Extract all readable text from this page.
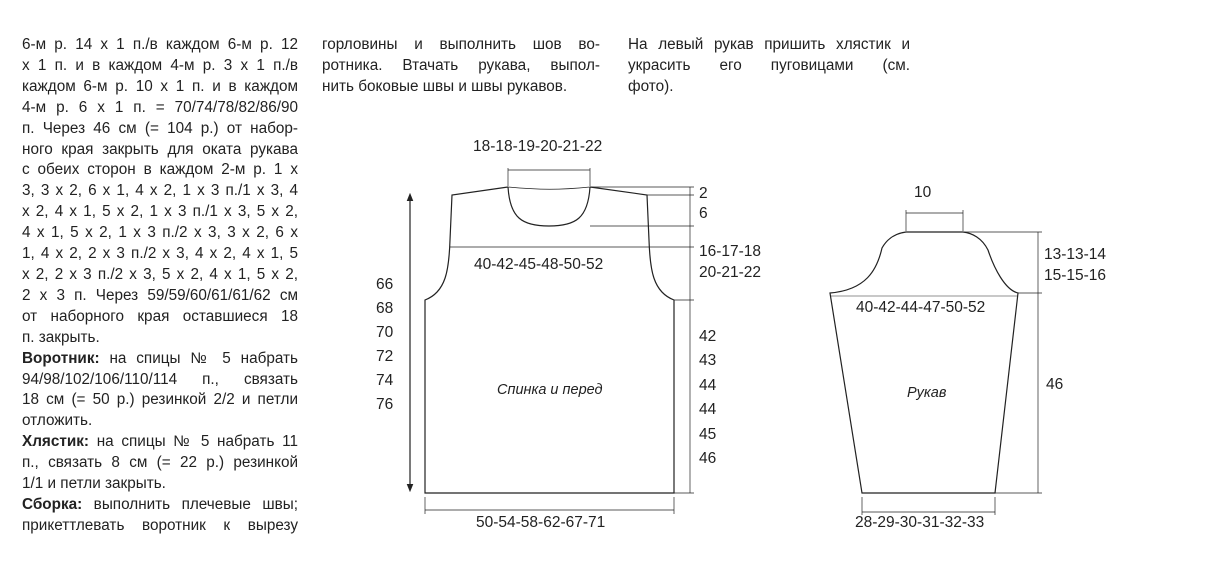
6-м р. 14 х 1 п./в каждом 6-м р. 12
х 1 п. и в каждом 4-м р. 3 х 1 п./в
каждом 6-м р. 10 х 1 п. и в каждом
4-м р. 6 х 1 п. = 70/74/78/82/86/90
п. Через 46 см (= 104 р.) от набор-
ного края закрыть для оката рукава
с обеих сторон в каждом 2-м р. 1 х
3, 3 х 2, 6 х 1, 4 х 2, 1 х 3 п./1 х 3, 4
х 2, 4 х 1, 5 х 2, 1 х 3 п./1 х 3, 5 х 2,
4 х 1, 5 х 2, 1 х 3 п./2 х 3, 3 х 2, 6 х
1, 4 х 2, 2 х 3 п./2 х 3, 4 х 2, 4 х 1, 5
х 2, 2 х 3 п./2 х 3, 5 х 2, 4 х 1, 5 х 2,
2 х 3 п. Через 59/59/60/61/61/62 см
от наборного края оставшиеся 18
п. закрыть.
Воротник: на спицы № 5 набрать
94/98/102/106/110/114 п., связать
18 см (= 50 р.) резинкой 2/2 и петли
отложить.
Хлястик: на спицы № 5 набрать 11
п., связать 8 см (= 22 р.) резинкой
1/1 и петли закрыть.
Сборка: выполнить плечевые швы;
прикеттлевать воротник к вырезу
горловины и выполнить шов во-
ротника. Втачать рукава, выпол-
нить боковые швы и швы рукавов.
На левый рукав пришить хлястик и
украсить его пуговицами (см.
фото).
18-18-19-20-21-22
2
6
40-42-45-48-50-52
16-17-18
20-21-22
42
43
44
44
45
46
66
68
70
72
74
76
Спинка и перед
50-54-58-62-67-71
10
13-13-14
15-15-16
40-42-44-47-50-52
46
Рукав
28-29-30-31-32-33
